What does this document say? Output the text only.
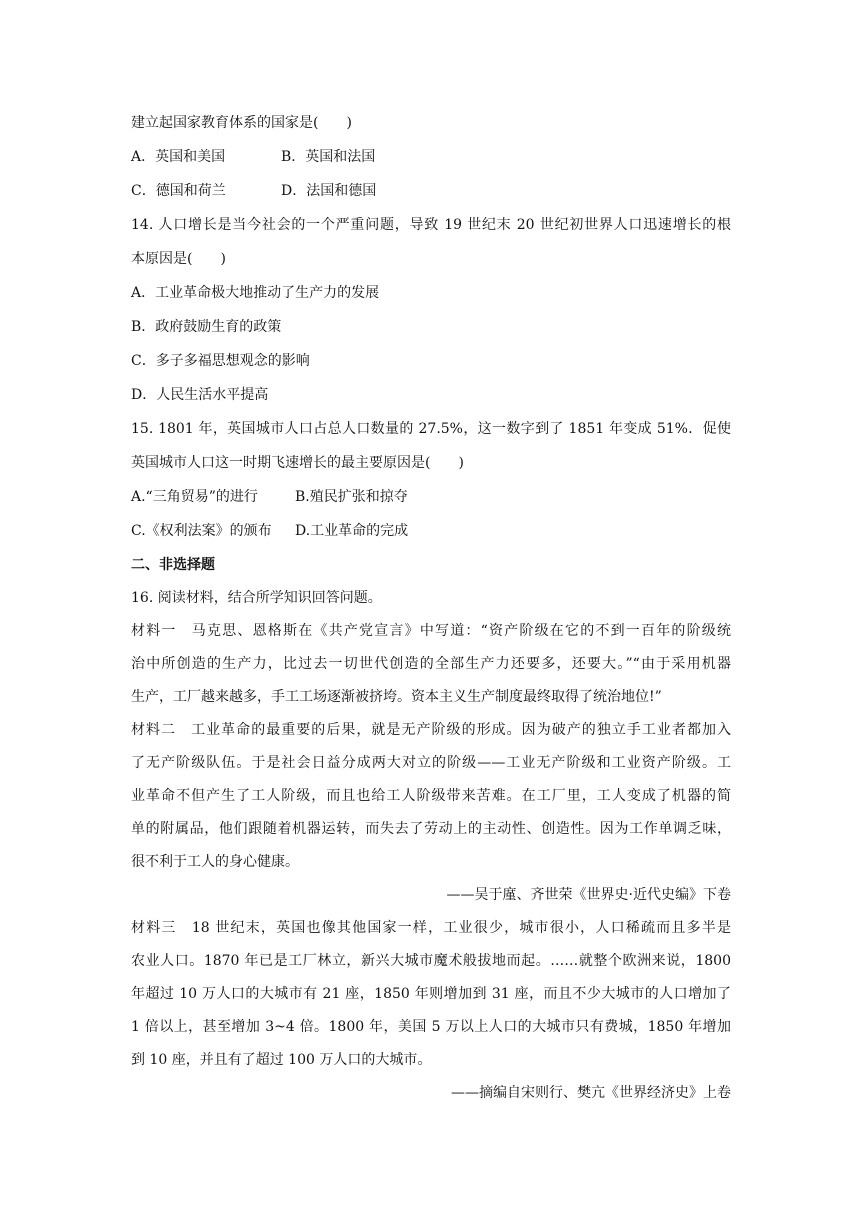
建立起国家教育体系的国家是(　　)
A．英国和美国	B．英国和法国
C．德国和荷兰	D．法国和德国
14. 人口增长是当今社会的一个严重问题，导致 19 世纪末 20 世纪初世界人口迅速增长的根
本原因是(　　)
A．工业革命极大地推动了生产力的发展
B．政府鼓励生育的政策
C．多子多福思想观念的影响
D．人民生活水平提高
15. 1801 年，英国城市人口占总人口数量的 27.5%，这一数字到了 1851 年变成 51%．促使
英国城市人口这一时期飞速增长的最主要原因是(　　)
A.“三角贸易”的进行	B.殖民扩张和掠夺
C.《权利法案》的颁布	D.工业革命的完成
二、非选择题
16. 阅读材料，结合所学知识回答问题。
材料一　马克思、恩格斯在《共产党宣言》中写道：“资产阶级在它的不到一百年的阶级统
治中所创造的生产力，比过去一切世代创造的全部生产力还要多，还要大。”“由于采用机器
生产，工厂越来越多，手工工场逐渐被挤垮。资本主义生产制度最终取得了统治地位!”
材料二　工业革命的最重要的后果，就是无产阶级的形成。因为破产的独立手工业者都加入
了无产阶级队伍。于是社会日益分成两大对立的阶级——工业无产阶级和工业资产阶级。工
业革命不但产生了工人阶级，而且也给工人阶级带来苦难。在工厂里，工人变成了机器的简
单的附属品，他们跟随着机器运转，而失去了劳动上的主动性、创造性。因为工作单调乏味，
很不利于工人的身心健康。
——吴于廑、齐世荣《世界史·近代史编》下卷
材料三　18 世纪末，英国也像其他国家一样，工业很少，城市很小，人口稀疏而且多半是
农业人口。1870 年已是工厂林立，新兴大城市魔术般拔地而起。……就整个欧洲来说，1800
年超过 10 万人口的大城市有 21 座，1850 年则增加到 31 座，而且不少大城市的人口增加了
1 倍以上，甚至增加 3~4 倍。1800 年，美国 5 万以上人口的大城市只有费城，1850 年增加
到 10 座，并且有了超过 100 万人口的大城市。
——摘编自宋则行、樊亢《世界经济史》上卷
